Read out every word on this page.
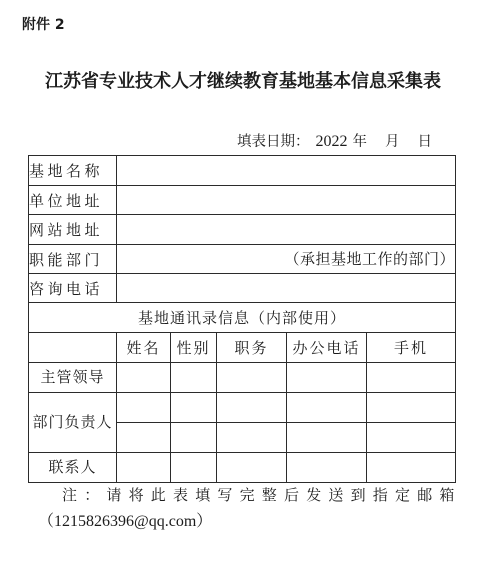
附件 2
江苏省专业技术人才继续教育基地基本信息采集表
填表日期： 2022 年 月 日
基地名称					
单位地址					
网站地址					
职能部门	（承担基地工作的部门）				
咨询电话					
基地通讯录信息（内部使用）					
	姓名	性别	职务	办公电话	手机
主管领导					
部门负责人					

联系人					
注：请将此表填写完整后发送到指定邮箱
（1215826396@qq.com）
